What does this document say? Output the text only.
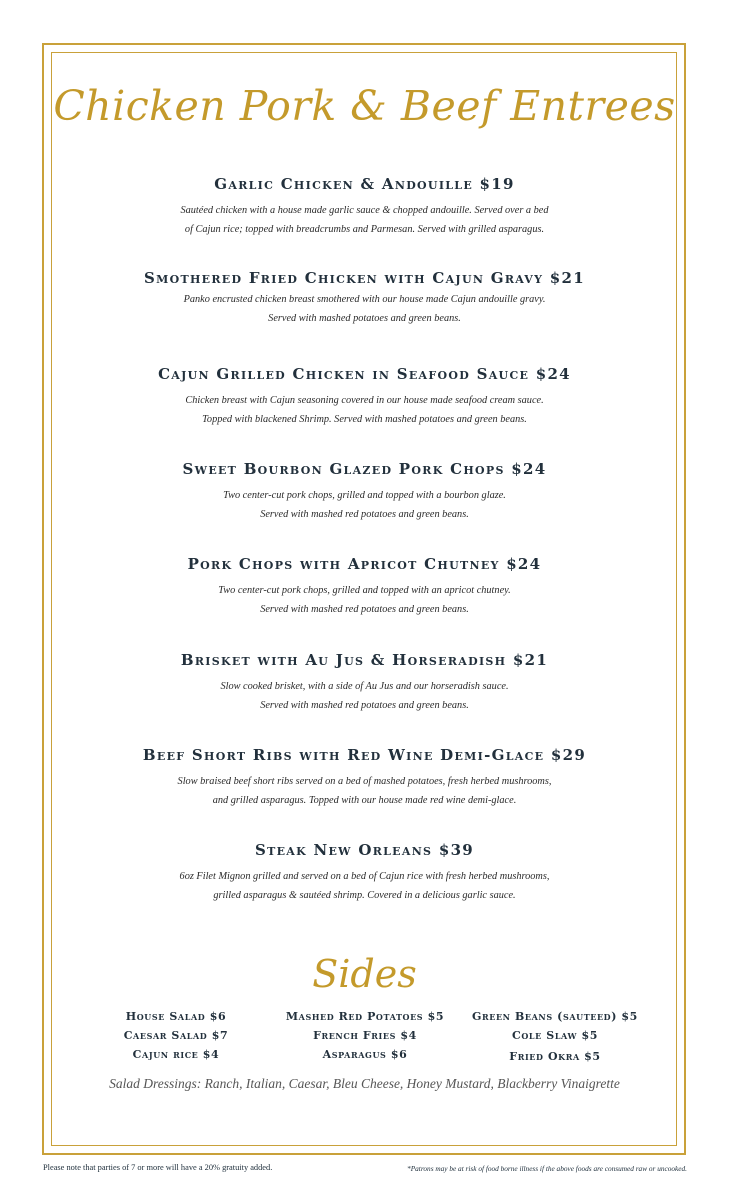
Chicken Pork & Beef Entrees
Garlic Chicken & Andouille $19
Sautéed chicken with a house made garlic sauce & chopped andouille. Served over a bed
of Cajun rice; topped with breadcrumbs and Parmesan. Served with grilled asparagus.
Smothered Fried Chicken with Cajun Gravy $21
Panko encrusted chicken breast smothered with our house made Cajun andouille gravy.
Served with mashed potatoes and green beans.
Cajun Grilled Chicken in Seafood Sauce $24
Chicken breast with Cajun seasoning covered in our house made seafood cream sauce.
Topped with blackened Shrimp. Served with mashed potatoes and green beans.
Sweet Bourbon Glazed Pork Chops $24
Two center-cut pork chops, grilled and topped with a bourbon glaze.
Served with mashed red potatoes and green beans.
Pork Chops with Apricot Chutney $24
Two center-cut pork chops, grilled and topped with an apricot chutney.
Served with mashed red potatoes and green beans.
Brisket with Au Jus & Horseradish $21
Slow cooked brisket, with a side of Au Jus and our horseradish sauce.
Served with mashed red potatoes and green beans.
Beef Short Ribs with Red Wine Demi-Glace $29
Slow braised beef short ribs served on a bed of mashed potatoes, fresh herbed mushrooms,
and grilled asparagus. Topped with our house made red wine demi-glace.
Steak New Orleans $39
6oz Filet Mignon grilled and served on a bed of Cajun rice with fresh herbed mushrooms,
grilled asparagus & sautéed shrimp. Covered in a delicious garlic sauce.
Sides
House Salad $6
Caesar Salad $7
Cajun rice $4
Mashed Red Potatoes $5
French Fries $4
Asparagus $6
Green Beans (sauteed) $5
Cole Slaw $5
Fried Okra $5
Salad Dressings: Ranch, Italian, Caesar, Bleu Cheese, Honey Mustard, Blackberry Vinaigrette
Please note that parties of 7 or more will have a 20% gratuity added.	*Patrons may be at risk of food borne illness if the above foods are consumed raw or uncooked.
